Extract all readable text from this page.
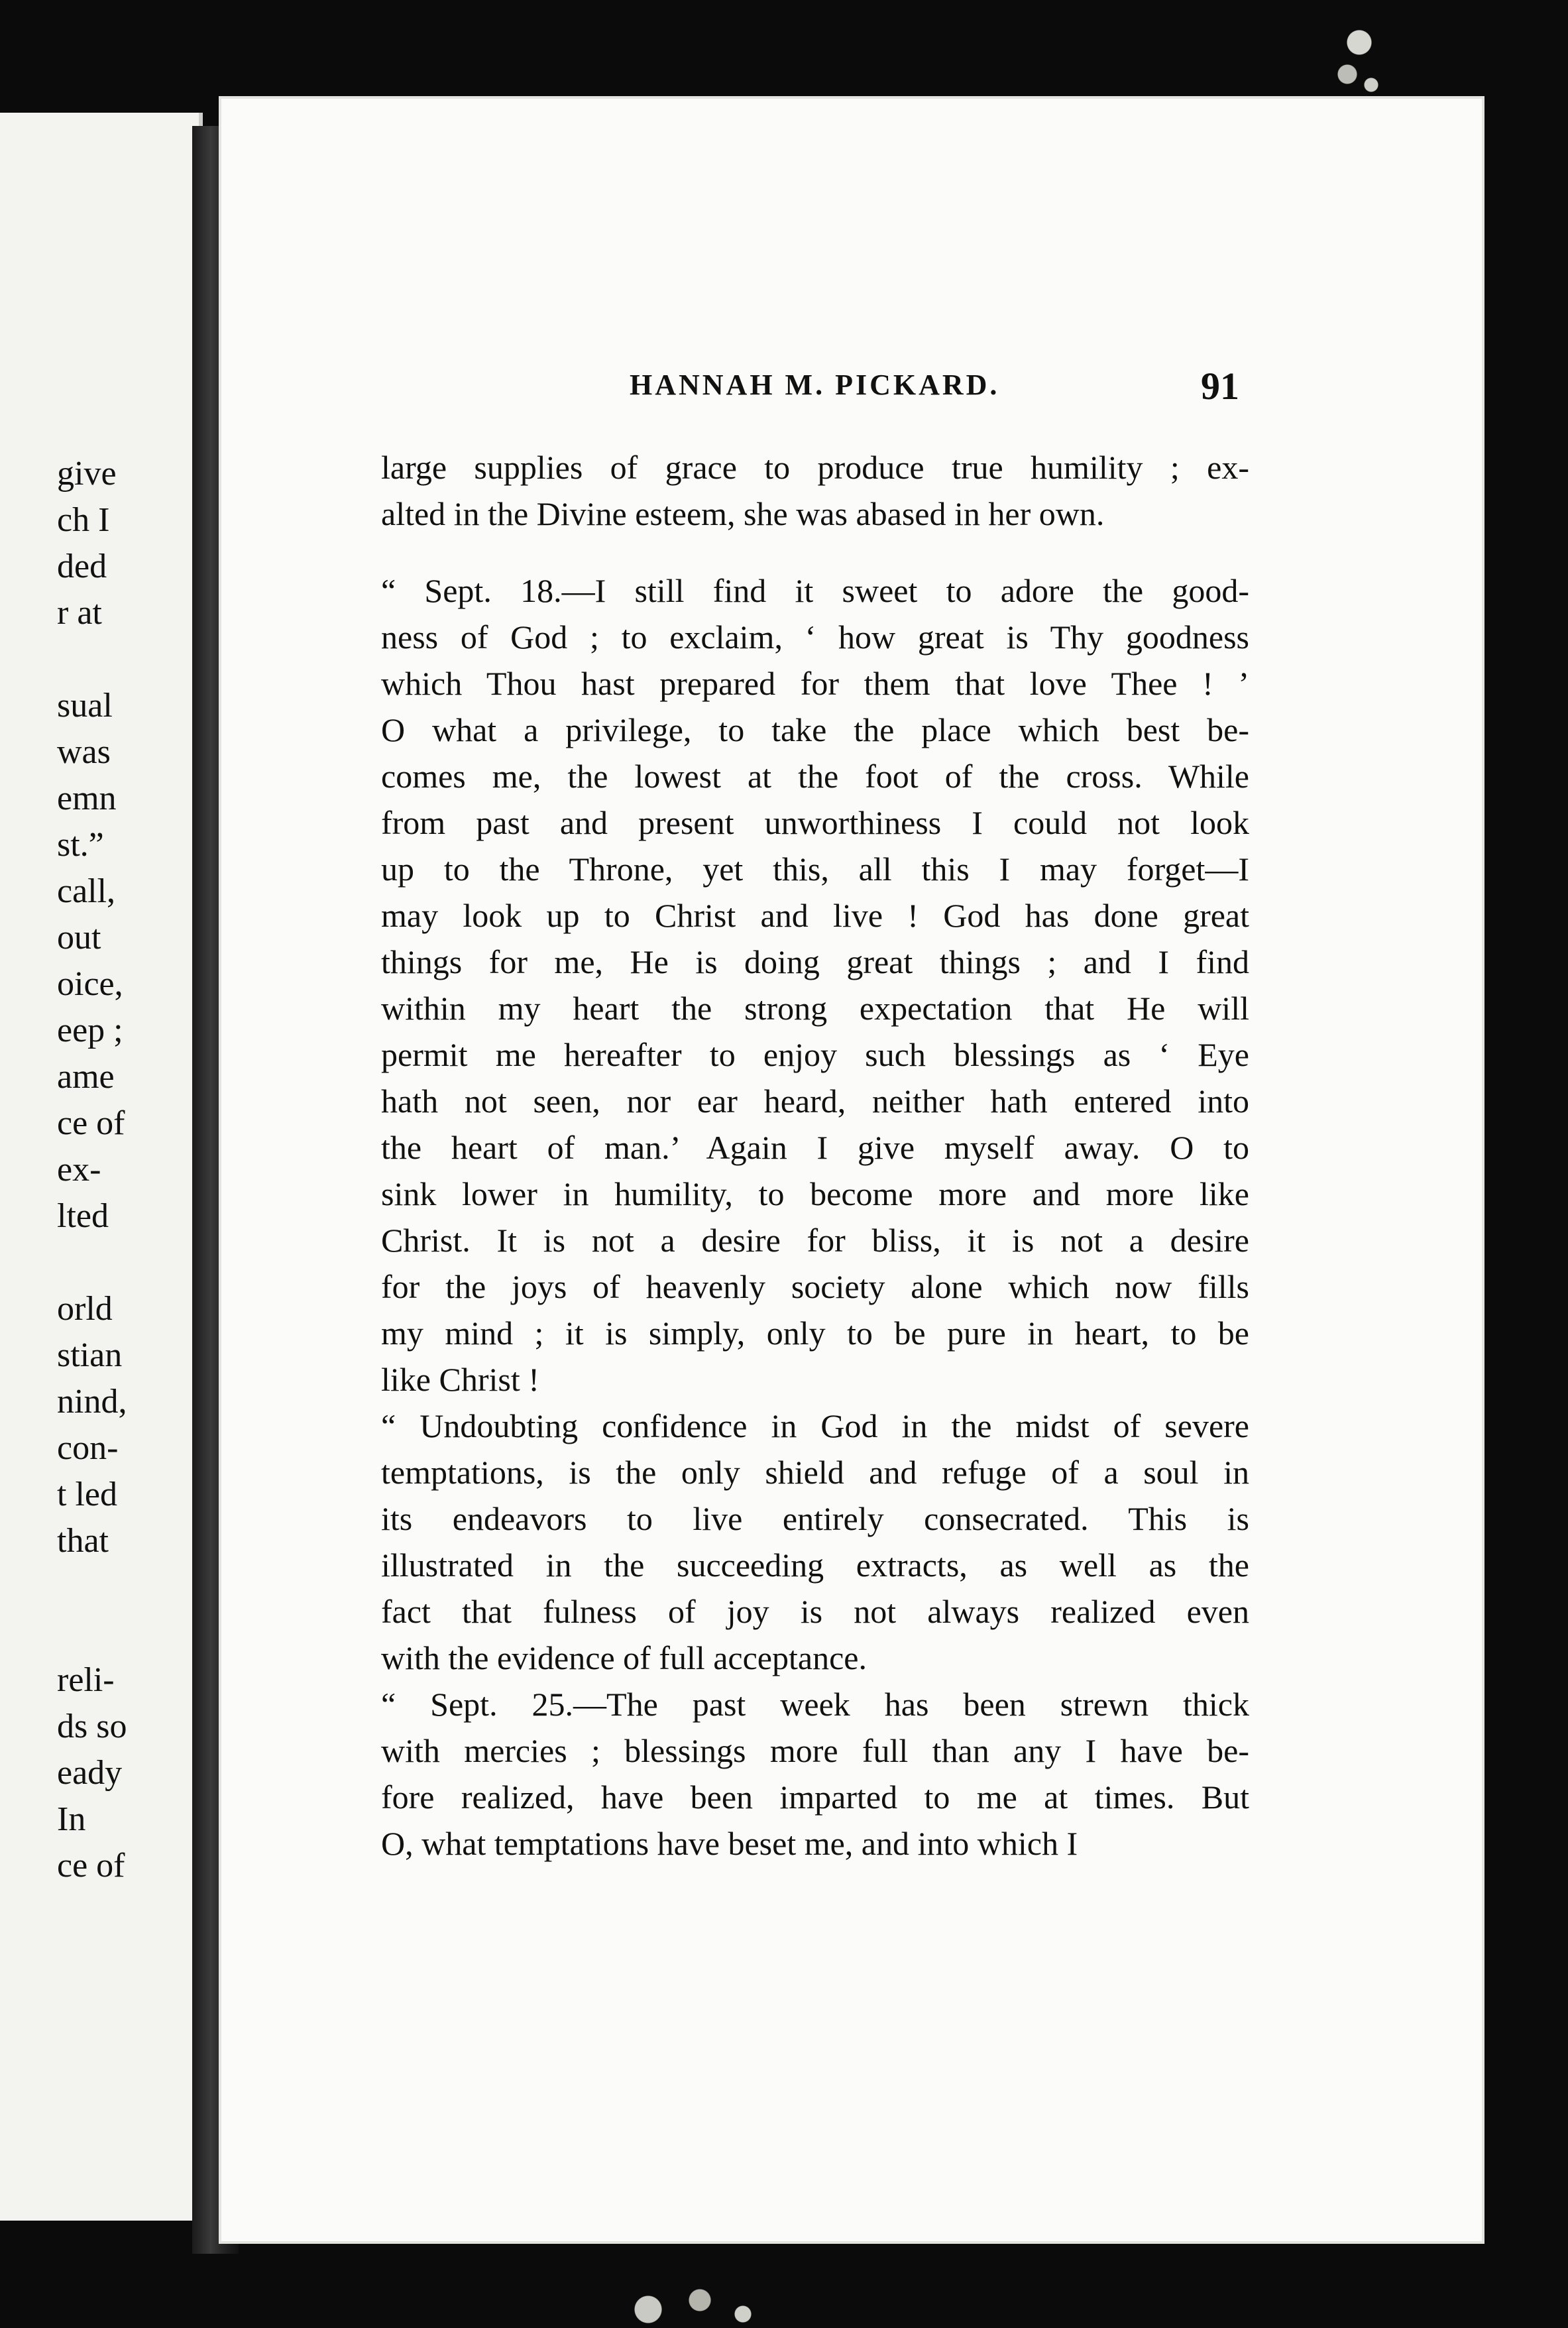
give
ch I
ded
r at
sual
was
emn
st.”
call,
out
oice,
eep ;
ame
ce of
ex-
lted
orld
stian
nind,
con-
t led
that
reli-
ds so
eady
In
ce of
HANNAH M. PICKARD.	91
large supplies of grace to produce true humility ; ex-
alted in the Divine esteem, she was abased in her own.
“ Sept. 18.—I still find it sweet to adore the good-
ness of God ; to exclaim, ‘ how great is Thy goodness
which Thou hast prepared for them that love Thee ! ’
O what a privilege, to take the place which best be-
comes me, the lowest at the foot of the cross. While
from past and present unworthiness I could not look
up to the Throne, yet this, all this I may forget—I
may look up to Christ and live ! God has done great
things for me, He is doing great things ; and I find
within my heart the strong expectation that He will
permit me hereafter to enjoy such blessings as ‘ Eye
hath not seen, nor ear heard, neither hath entered into
the heart of man.’ Again I give myself away. O to
sink lower in humility, to become more and more like
Christ. It is not a desire for bliss, it is not a desire
for the joys of heavenly society alone which now fills
my mind ; it is simply, only to be pure in heart, to be
like Christ !
“ Undoubting confidence in God in the midst of severe
temptations, is the only shield and refuge of a soul in
its endeavors to live entirely consecrated. This is
illustrated in the succeeding extracts, as well as the
fact that fulness of joy is not always realized even
with the evidence of full acceptance.
“ Sept. 25.—The past week has been strewn thick
with mercies ; blessings more full than any I have be-
fore realized, have been imparted to me at times. But
O, what temptations have beset me, and into which I
